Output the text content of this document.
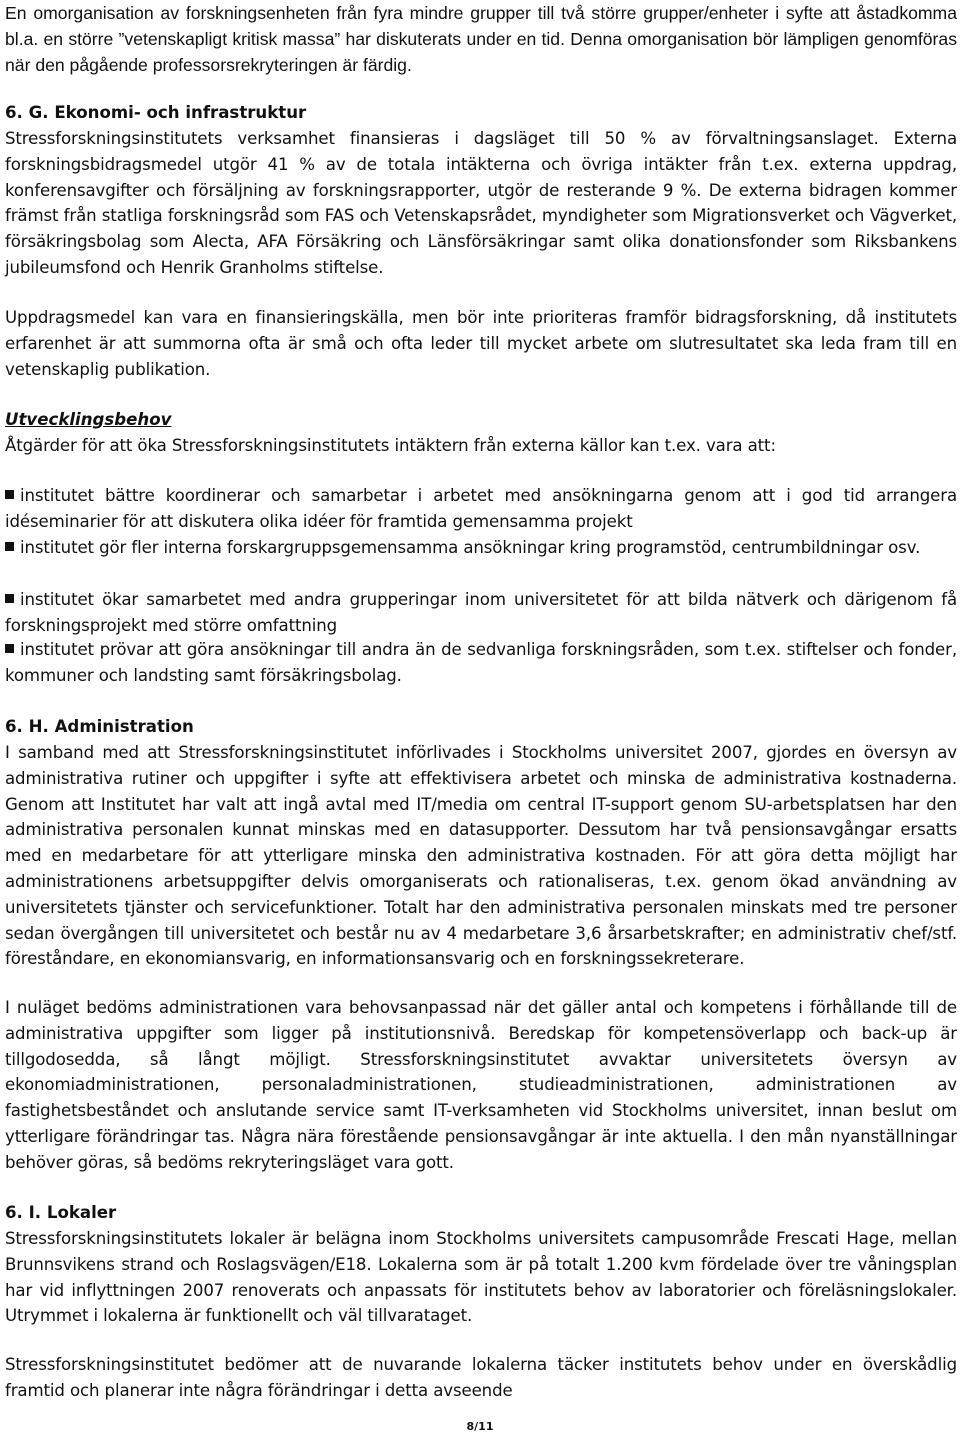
En omorganisation av forskningsenheten från fyra mindre grupper till två större grupper/enheter i syfte att åstadkomma bl.a. en större ”vetenskapligt kritisk massa” har diskuterats under en tid. Denna omorganisation bör lämpligen genomföras när den pågående professorsrekryteringen är färdig.

6. G. Ekonomi- och infrastruktur

Stressforskningsinstitutets verksamhet finansieras i dagsläget till 50 % av förvaltningsanslaget. Externa forskningsbidragsmedel utgör 41 % av de totala intäkterna och övriga intäkter från t.ex. externa uppdrag, konferensavgifter och försäljning av forskningsrapporter, utgör de resterande 9 %. De externa bidragen kommer främst från statliga forskningsråd som FAS och Vetenskapsrådet, myndigheter som Migrationsverket och Vägverket, försäkringsbolag som Alecta, AFA Försäkring och Länsförsäkringar samt olika donationsfonder som Riksbankens jubileumsfond och Henrik Granholms stiftelse.

Uppdragsmedel kan vara en finansieringskälla, men bör inte prioriteras framför bidragsforskning, då institutets erfarenhet är att summorna ofta är små och ofta leder till mycket arbete om slutresultatet ska leda fram till en vetenskaplig publikation.

Utvecklingsbehov

Åtgärder för att öka Stressforskningsinstitutets intäktern från externa källor kan t.ex. vara att:

institutet bättre koordinerar och samarbetar i arbetet med ansökningarna genom att i god tid arrangera idéseminarier för att diskutera olika idéer för framtida gemensamma projekt

institutet gör fler interna forskargruppsgemensamma ansökningar kring programstöd, centrumbildningar osv.

institutet ökar samarbetet med andra grupperingar inom universitetet för att bilda nätverk och därigenom få forskningsprojekt med större omfattning

institutet prövar att göra ansökningar till andra än de sedvanliga forskningsråden, som t.ex. stiftelser och fonder, kommuner och landsting samt försäkringsbolag.

6. H. Administration

I samband med att Stressforskningsinstitutet införlivades i Stockholms universitet 2007, gjordes en översyn av administrativa rutiner och uppgifter i syfte att effektivisera arbetet och minska de administrativa kostnaderna. Genom att Institutet har valt att ingå avtal med IT/media om central IT-support genom SU-arbetsplatsen har den administrativa personalen kunnat minskas med en datasupporter. Dessutom har två pensionsavgångar ersatts med en medarbetare för att ytterligare minska den administrativa kostnaden. För att göra detta möjligt har administrationens arbetsuppgifter delvis omorganiserats och rationaliseras, t.ex. genom ökad användning av universitetets tjänster och servicefunktioner. Totalt har den administrativa personalen minskats med tre personer sedan övergången till universitetet och består nu av 4 medarbetare 3,6 årsarbetskrafter; en administrativ chef/stf. föreståndare, en ekonomiansvarig, en informationsansvarig och en forskningssekreterare.

I nuläget bedöms administrationen vara behovsanpassad när det gäller antal och kompetens i förhållande till de administrativa uppgifter som ligger på institutionsnivå. Beredskap för kompetensöverlapp och back-up är tillgodosedda, så långt möjligt. Stressforskningsinstitutet avvaktar universitetets översyn av ekonomiadministrationen, personaladministrationen, studieadministrationen, administrationen av fastighetsbeståndet och anslutande service samt IT-verksamheten vid Stockholms universitet, innan beslut om ytterligare förändringar tas. Några nära förestående pensionsavgångar är inte aktuella. I den mån nyanställningar behöver göras, så bedöms rekryteringsläget vara gott.

6. I. Lokaler

Stressforskningsinstitutets lokaler är belägna inom Stockholms universitets campusområde Frescati Hage, mellan Brunnsvikens strand och Roslagsvägen/E18. Lokalerna som är på totalt 1.200 kvm fördelade över tre våningsplan har vid inflyttningen 2007 renoverats och anpassats för institutets behov av laboratorier och föreläsningslokaler. Utrymmet i lokalerna är funktionellt och väl tillvarataget.

Stressforskningsinstitutet bedömer att de nuvarande lokalerna täcker institutets behov under en överskådlig framtid och planerar inte några förändringar i detta avseende

8/11
